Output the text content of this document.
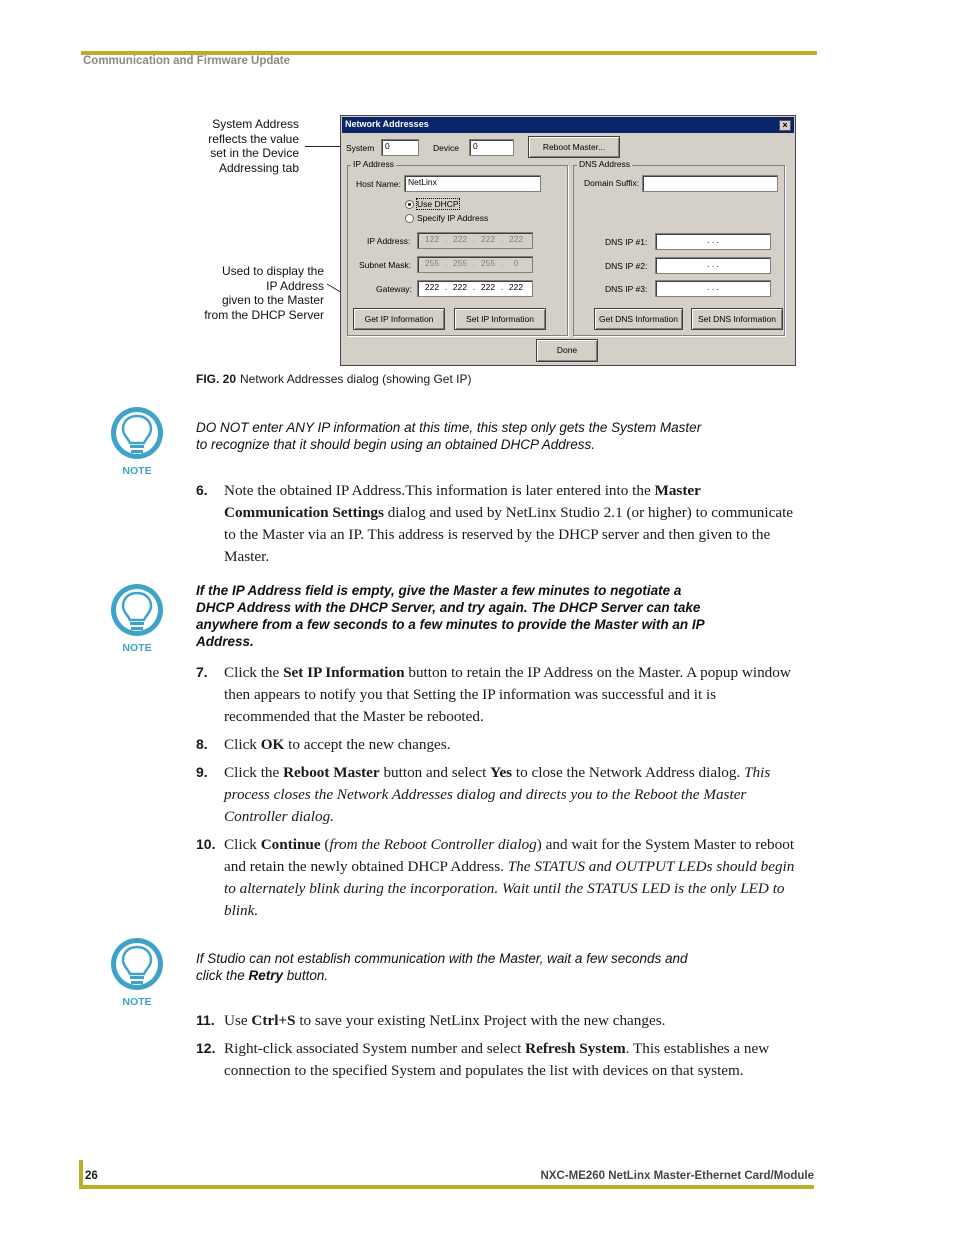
Communication and Firmware Update
System Address
reflects the value
set in the Device
Addressing tab
Used to display the
IP Address
given to the Master
from the DHCP Server
Network Addresses	×
System	0	Device	0	Reboot Master...
IP Address
Host Name: NetLinx
Use DHCP
Specify IP Address
IP Address:	122 . 222 . 222 . 222
Subnet Mask:	255 . 255 . 255 . 0
Gateway:	222 . 222 . 222 . 222
Get IP Information	Set IP Information
DNS Address
Domain Suffix:
DNS IP #1:	. . .
DNS IP #2:	. . .
DNS IP #3:	. . .
Get DNS Information	Set DNS Information
Done
FIG. 20 Network Addresses dialog (showing Get IP)
NOTE
DO NOT enter ANY IP information at this time, this step only gets the System Master
to recognize that it should begin using an obtained DHCP Address.
6. Note the obtained IP Address.This information is later entered into the Master
Communication Settings dialog and used by NetLinx Studio 2.1 (or higher) to communicate
to the Master via an IP. This address is reserved by the DHCP server and then given to the
Master.
NOTE
If the IP Address field is empty, give the Master a few minutes to negotiate a
DHCP Address with the DHCP Server, and try again. The DHCP Server can take
anywhere from a few seconds to a few minutes to provide the Master with an IP
Address.
7. Click the Set IP Information button to retain the IP Address on the Master. A popup window
then appears to notify you that Setting the IP information was successful and it is
recommended that the Master be rebooted.
8. Click OK to accept the new changes.
9. Click the Reboot Master button and select Yes to close the Network Address dialog. This
process closes the Network Addresses dialog and directs you to the Reboot the Master
Controller dialog.
10. Click Continue (from the Reboot Controller dialog) and wait for the System Master to reboot
and retain the newly obtained DHCP Address. The STATUS and OUTPUT LEDs should begin
to alternately blink during the incorporation. Wait until the STATUS LED is the only LED to
blink.
NOTE
If Studio can not establish communication with the Master, wait a few seconds and
click the Retry button.
11. Use Ctrl+S to save your existing NetLinx Project with the new changes.
12. Right-click associated System number and select Refresh System. This establishes a new
connection to the specified System and populates the list with devices on that system.
26	NXC-ME260 NetLinx Master-Ethernet Card/Module
